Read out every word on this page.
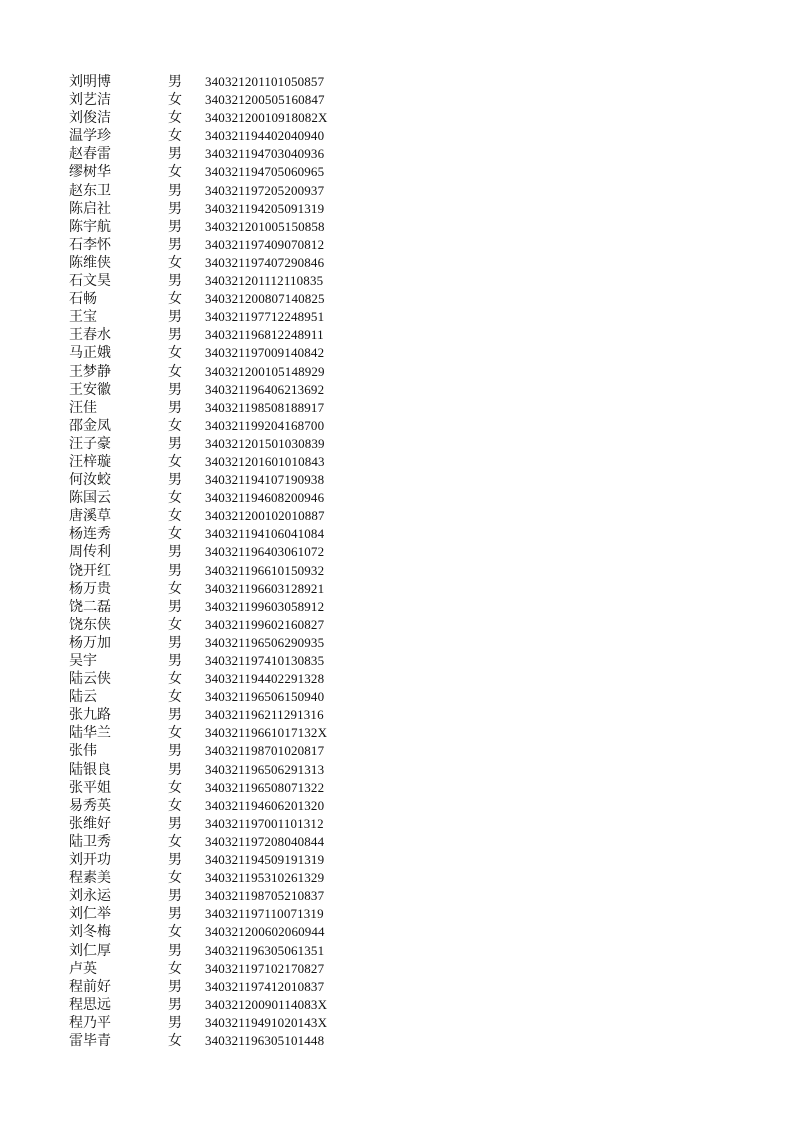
刘明博	男 340321201101050857
刘艺洁	女 340321200505160847
刘俊洁	女 34032120010918082X
温学珍	女 340321194402040940
赵春雷	男 340321194703040936
缪树华	女 340321194705060965
赵东卫	男 340321197205200937
陈启社	男 340321194205091319
陈宇航	男 340321201005150858
石李怀	男 340321197409070812
陈维侠	女 340321197407290846
石文昊	男 340321201112110835
石畅	女 340321200807140825
王宝	男 340321197712248951
王春水	男 340321196812248911
马正娥	女 340321197009140842
王梦静	女 340321200105148929
王安徽	男 340321196406213692
汪佳	男 340321198508188917
邵金凤	女 340321199204168700
汪子豪	男 340321201501030839
汪梓璇	女 340321201601010843
何汝蛟	男 340321194107190938
陈国云	女 340321194608200946
唐溪草	女 340321200102010887
杨连秀	女 340321194106041084
周传利	男 340321196403061072
饶开红	男 340321196610150932
杨万贵	女 340321196603128921
饶二磊	男 340321199603058912
饶东侠	女 340321199602160827
杨万加	男 340321196506290935
吴宇	男 340321197410130835
陆云侠	女 340321194402291328
陆云	女 340321196506150940
张九路	男 340321196211291316
陆华兰	女 34032119661017132X
张伟	男 340321198701020817
陆银良	男 340321196506291313
张平姐	女 340321196508071322
易秀英	女 340321194606201320
张维好	男 340321197001101312
陆卫秀	女 340321197208040844
刘开功	男 340321194509191319
程素美	女 340321195310261329
刘永运	男 340321198705210837
刘仁举	男 340321197110071319
刘冬梅	女 340321200602060944
刘仁厚	男 340321196305061351
卢英	女 340321197102170827
程前好	男 340321197412010837
程思远	男 34032120090114083X
程乃平	男 34032119491020143X
雷毕青	女 340321196305101448
